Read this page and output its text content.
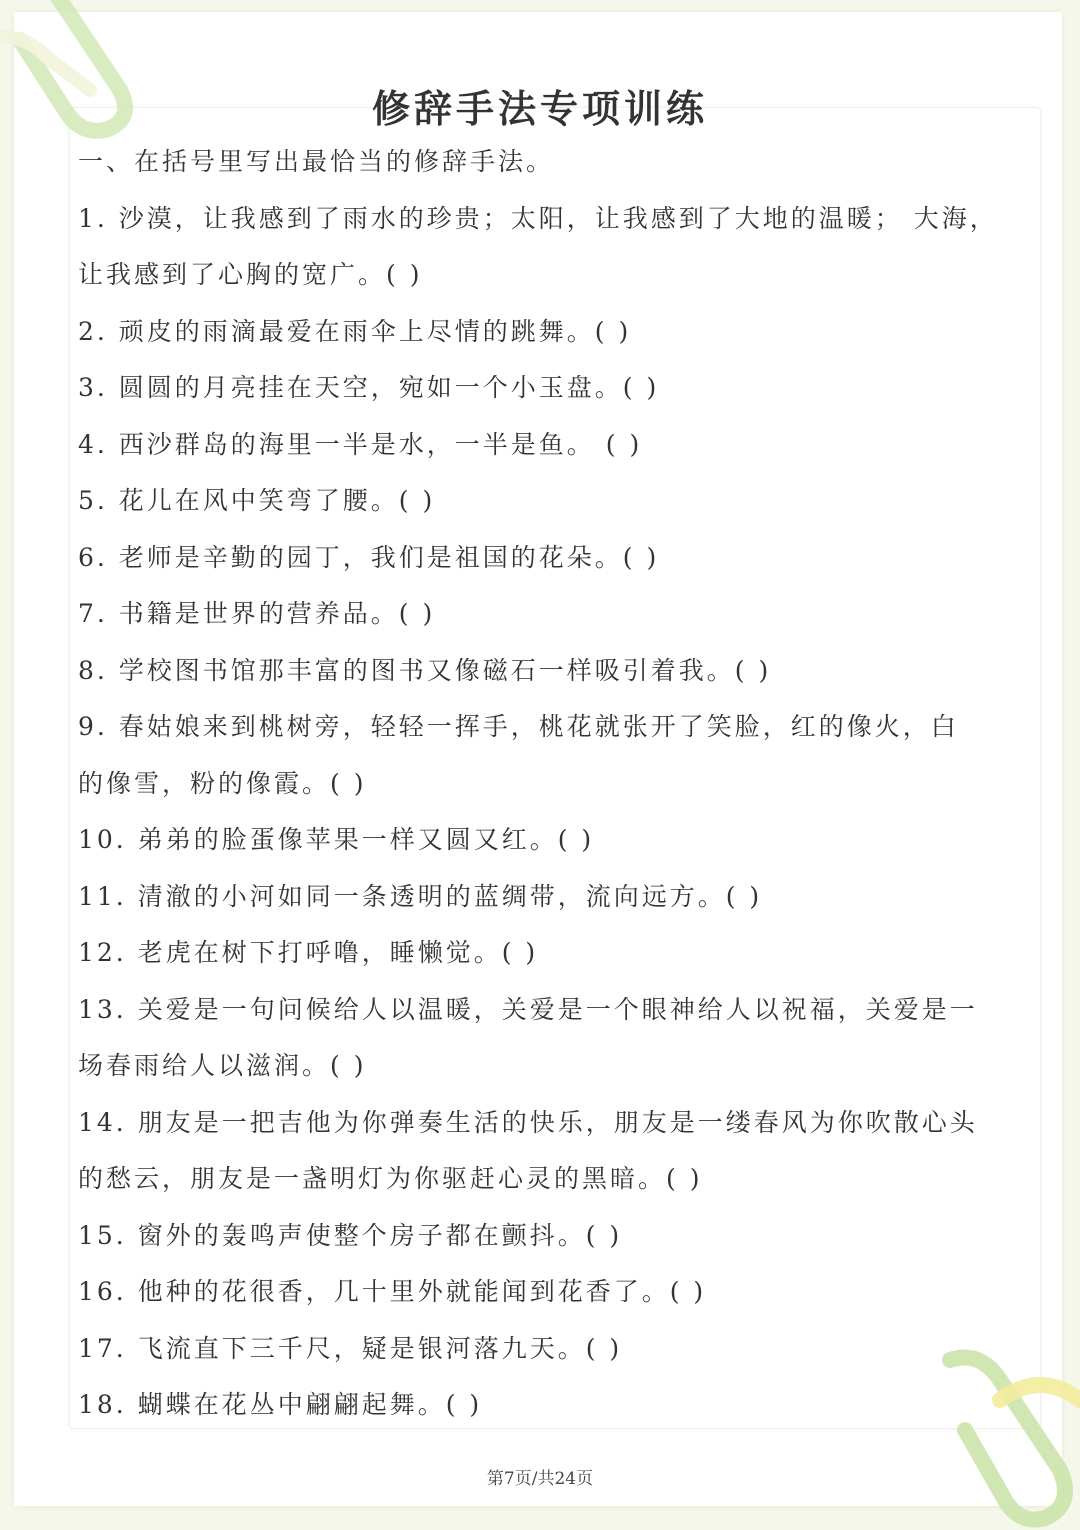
修辞手法专项训练
一、在括号里写出最恰当的修辞手法。
1. 沙漠，让我感到了雨水的珍贵；太阳，让我感到了大地的温暖； 大海，
让我感到了心胸的宽广。( )
2. 顽皮的雨滴最爱在雨伞上尽情的跳舞。( )
3. 圆圆的月亮挂在天空，宛如一个小玉盘。( )
4. 西沙群岛的海里一半是水，一半是鱼。 ( )
5. 花儿在风中笑弯了腰。( )
6. 老师是辛勤的园丁，我们是祖国的花朵。( )
7. 书籍是世界的营养品。( )
8. 学校图书馆那丰富的图书又像磁石一样吸引着我。( )
9. 春姑娘来到桃树旁，轻轻一挥手，桃花就张开了笑脸，红的像火，白
的像雪，粉的像霞。( )
10. 弟弟的脸蛋像苹果一样又圆又红。( )
11. 清澈的小河如同一条透明的蓝绸带，流向远方。( )
12. 老虎在树下打呼噜，睡懒觉。( )
13. 关爱是一句问候给人以温暖，关爱是一个眼神给人以祝福，关爱是一
场春雨给人以滋润。( )
14. 朋友是一把吉他为你弹奏生活的快乐，朋友是一缕春风为你吹散心头
的愁云，朋友是一盏明灯为你驱赶心灵的黑暗。( )
15. 窗外的轰鸣声使整个房子都在颤抖。( )
16. 他种的花很香，几十里外就能闻到花香了。( )
17. 飞流直下三千尺，疑是银河落九天。( )
18. 蝴蝶在花丛中翩翩起舞。( )
第7页/共24页
